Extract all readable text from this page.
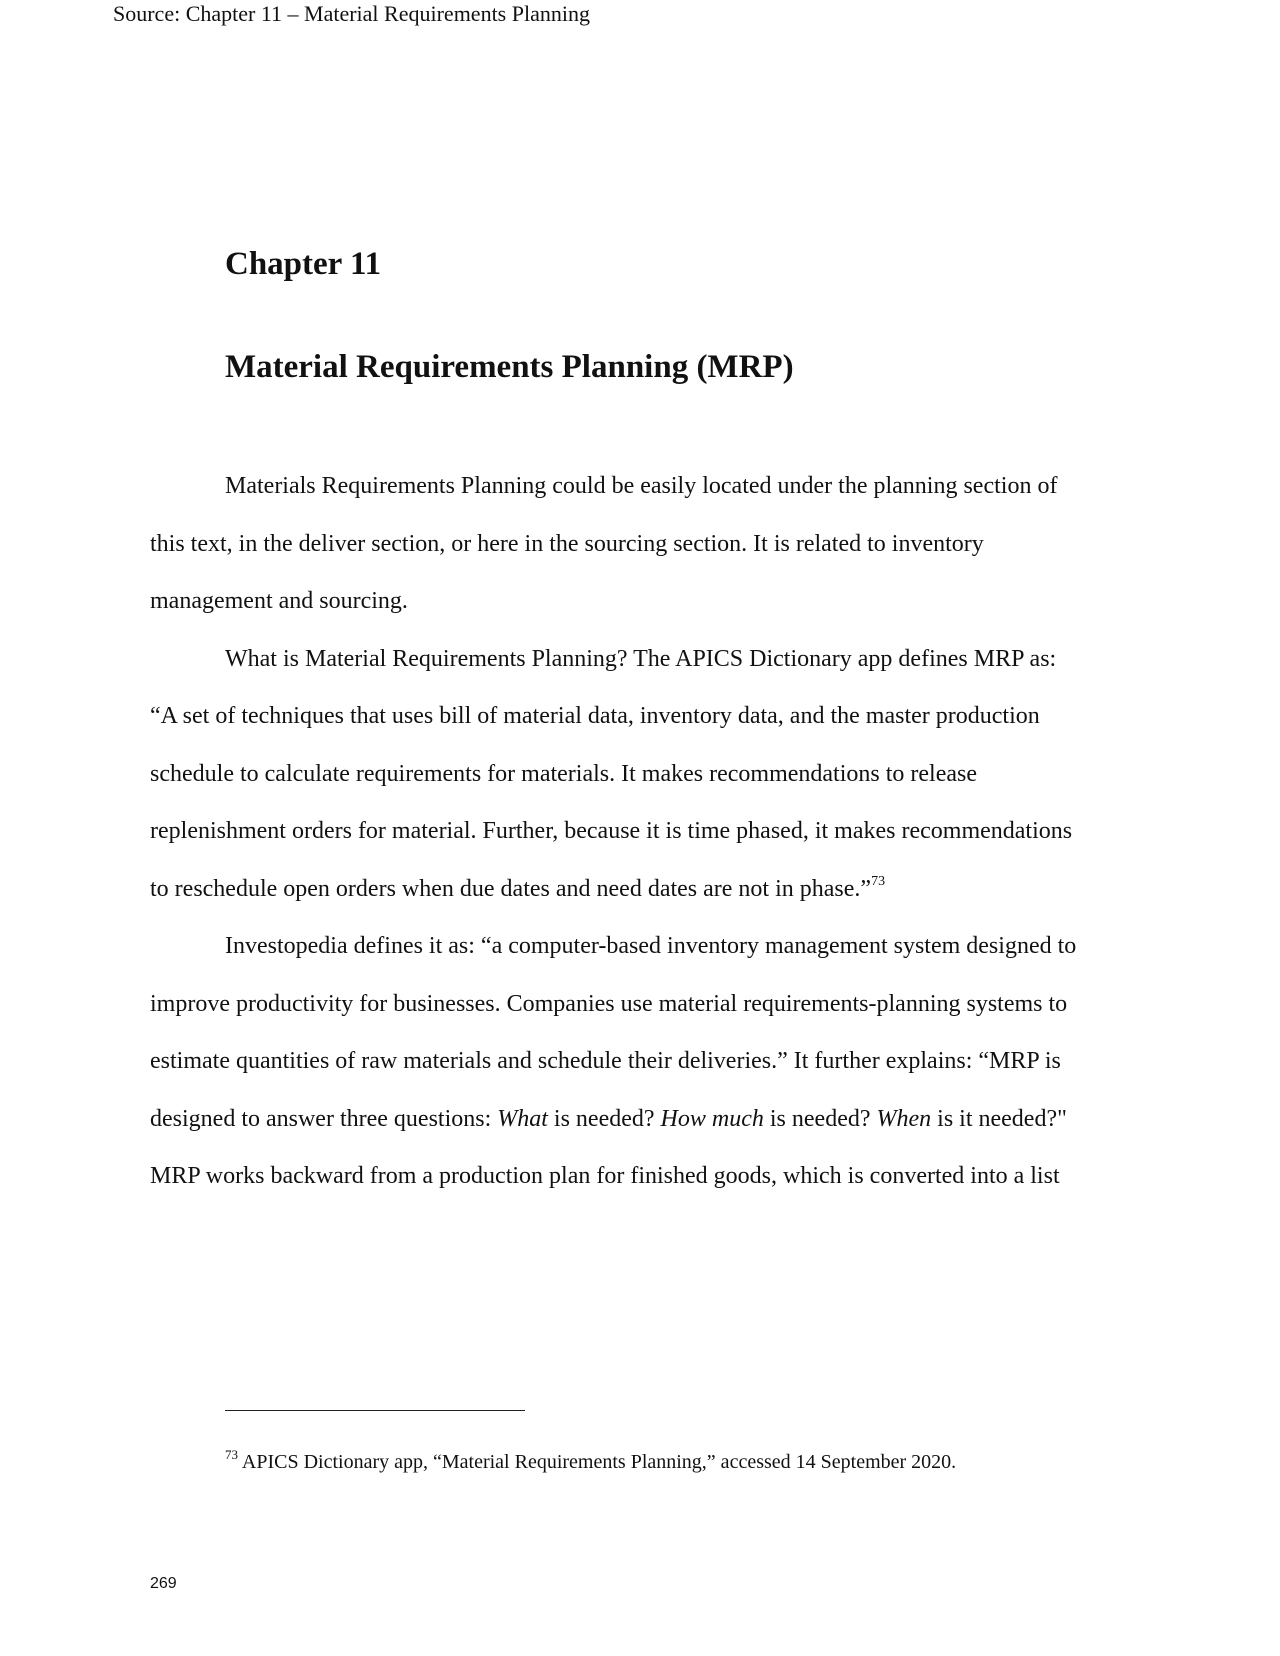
Source: Chapter 11 – Material Requirements Planning
Chapter 11
Material Requirements Planning (MRP)
Materials Requirements Planning could be easily located under the planning section of
this text, in the deliver section, or here in the sourcing section. It is related to inventory
management and sourcing.
What is Material Requirements Planning? The APICS Dictionary app defines MRP as:
“A set of techniques that uses bill of material data, inventory data, and the master production
schedule to calculate requirements for materials. It makes recommendations to release
replenishment orders for material. Further, because it is time phased, it makes recommendations
to reschedule open orders when due dates and need dates are not in phase.”$^{73}$
Investopedia defines it as: “a computer-based inventory management system designed to
improve productivity for businesses. Companies use material requirements-planning systems to
estimate quantities of raw materials and schedule their deliveries.” It further explains: “MRP is
designed to answer three questions: What is needed? How much is needed? When is it needed?"
MRP works backward from a production plan for finished goods, which is converted into a list
$^{73}$ APICS Dictionary app, “Material Requirements Planning,” accessed 14 September 2020.
269
